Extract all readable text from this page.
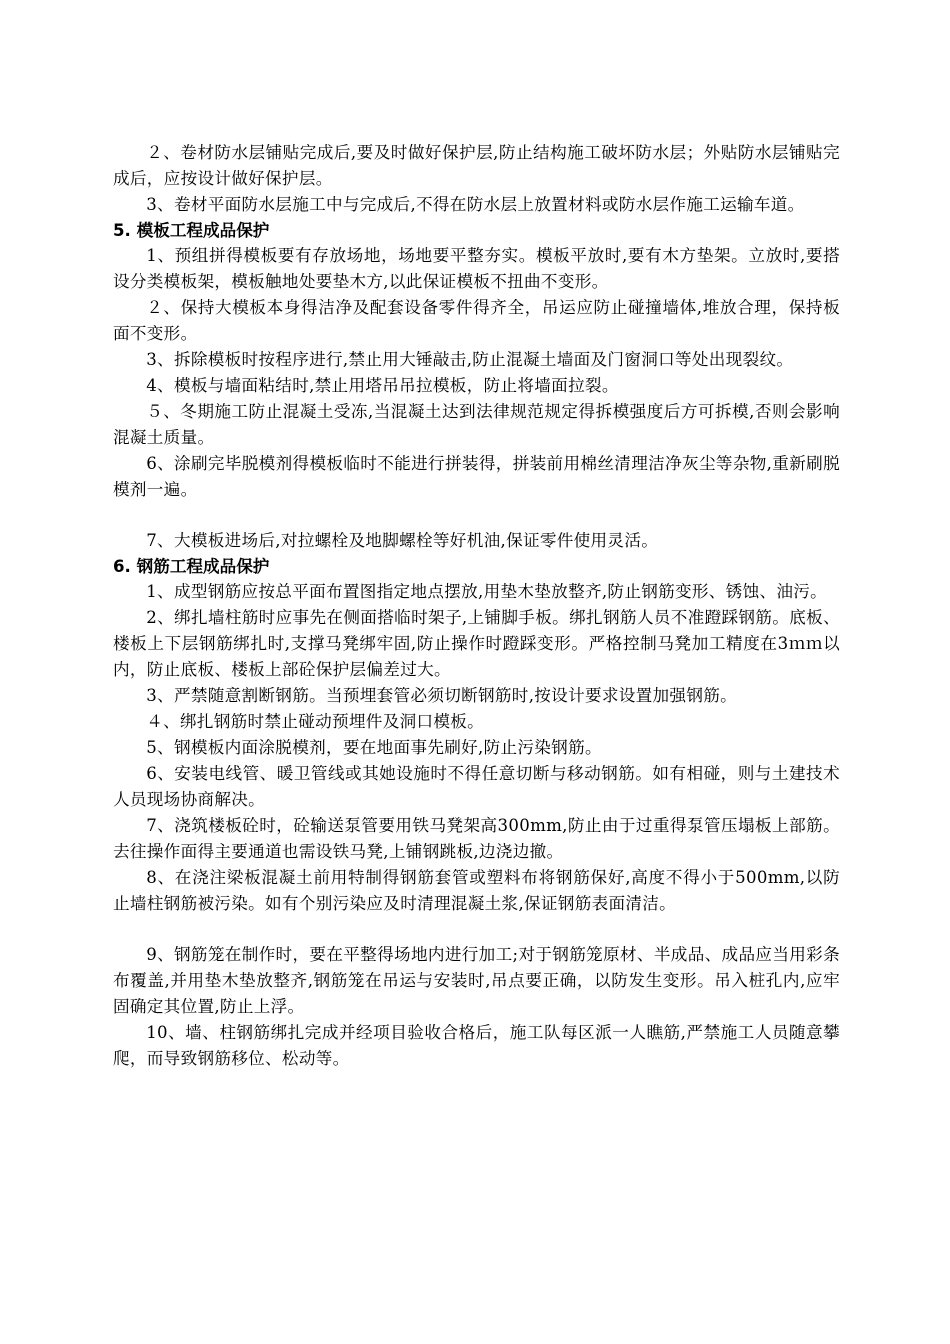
２、卷材防水层铺贴完成后,要及时做好保护层,防止结构施工破坏防水层；外贴防水层铺贴完成后，应按设计做好保护层。

3、卷材平面防水层施工中与完成后,不得在防水层上放置材料或防水层作施工运输车道。

5. 模板工程成品保护

1、预组拼得模板要有存放场地，场地要平整夯实。模板平放时,要有木方垫架。立放时,要搭设分类模板架，模板触地处要垫木方,以此保证模板不扭曲不变形。

２、保持大模板本身得洁净及配套设备零件得齐全，吊运应防止碰撞墙体,堆放合理，保持板面不变形。

3、拆除模板时按程序进行,禁止用大锤敲击,防止混凝土墙面及门窗洞口等处出现裂纹。

4、模板与墙面粘结时,禁止用塔吊吊拉模板，防止将墙面拉裂。

５、冬期施工防止混凝土受冻,当混凝土达到法律规范规定得拆模强度后方可拆模,否则会影响混凝土质量。

6、涂刷完毕脱模剂得模板临时不能进行拼装得，拼装前用棉丝清理洁净灰尘等杂物,重新刷脱模剂一遍。

7、大模板进场后,对拉螺栓及地脚螺栓等好机油,保证零件使用灵活。

6. 钢筋工程成品保护

1、成型钢筋应按总平面布置图指定地点摆放,用垫木垫放整齐,防止钢筋变形、锈蚀、油污。

2、绑扎墙柱筋时应事先在侧面搭临时架子,上铺脚手板。绑扎钢筋人员不准蹬踩钢筋。底板、楼板上下层钢筋绑扎时,支撑马凳绑牢固,防止操作时蹬踩变形。严格控制马凳加工精度在3ｍｍ以内，防止底板、楼板上部砼保护层偏差过大。

3、严禁随意割断钢筋。当预埋套管必须切断钢筋时,按设计要求设置加强钢筋。

４、绑扎钢筋时禁止碰动预埋件及洞口模板。

5、钢模板内面涂脱模剂，要在地面事先刷好,防止污染钢筋。

6、安装电线管、暖卫管线或其她设施时不得任意切断与移动钢筋。如有相碰，则与土建技术人员现场协商解决。

7、浇筑楼板砼时，砼输送泵管要用铁马凳架高300mm,防止由于过重得泵管压塌板上部筋。去往操作面得主要通道也需设铁马凳,上铺钢跳板,边浇边撤。

8、在浇注梁板混凝土前用特制得钢筋套管或塑料布将钢筋保好,高度不得小于500mm,以防止墙柱钢筋被污染。如有个别污染应及时清理混凝土浆,保证钢筋表面清洁。

9、钢筋笼在制作时，要在平整得场地内进行加工;对于钢筋笼原材、半成品、成品应当用彩条布覆盖,并用垫木垫放整齐,钢筋笼在吊运与安装时,吊点要正确，以防发生变形。吊入桩孔内,应牢固确定其位置,防止上浮。

10、墙、柱钢筋绑扎完成并经项目验收合格后，施工队每区派一人瞧筋,严禁施工人员随意攀爬，而导致钢筋移位、松动等。
